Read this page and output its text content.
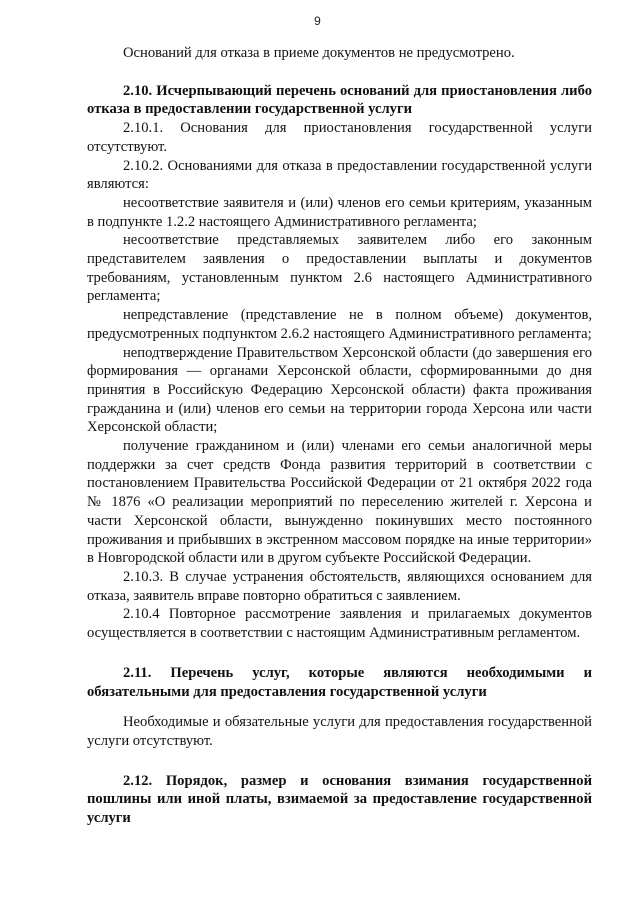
9

Оснований для отказа в приеме документов не предусмотрено.

2.10. Исчерпывающий перечень оснований для приостановления либо отказа в предоставлении государственной услуги

2.10.1. Основания для приостановления государственной услуги отсутствуют.

2.10.2. Основаниями для отказа в предоставлении государственной услуги являются:

несоответствие заявителя и (или) членов его семьи критериям, указанным в подпункте 1.2.2 настоящего Административного регламента;

несоответствие представляемых заявителем либо его законным представителем заявления о предоставлении выплаты и документов требованиям, установленным пунктом 2.6 настоящего Административного регламента;

непредставление (представление не в полном объеме) документов, предусмотренных подпунктом 2.6.2 настоящего Административного регламента;

неподтверждение Правительством Херсонской области (до завершения его формирования — органами Херсонской области, сформированными до дня принятия в Российскую Федерацию Херсонской области) факта проживания гражданина и (или) членов его семьи на территории города Херсона или части Херсонской области;

получение гражданином и (или) членами его семьи аналогичной меры поддержки за счет средств Фонда развития территорий в соответствии с постановлением Правительства Российской Федерации от 21 октября 2022 года № 1876 «О реализации мероприятий по переселению жителей г. Херсона и части Херсонской области, вынужденно покинувших место постоянного проживания и прибывших в экстренном массовом порядке на иные территории» в Новгородской области или в другом субъекте Российской Федерации.

2.10.3. В случае устранения обстоятельств, являющихся основанием для отказа, заявитель вправе повторно обратиться с заявлением.

2.10.4 Повторное рассмотрение заявления и прилагаемых документов осуществляется в соответствии с настоящим Административным регламентом.

2.11. Перечень услуг, которые являются необходимыми и обязательными для предоставления государственной услуги

Необходимые и обязательные услуги для предоставления государственной услуги отсутствуют.

2.12. Порядок, размер и основания взимания государственной пошлины или иной платы, взимаемой за предоставление государственной услуги
